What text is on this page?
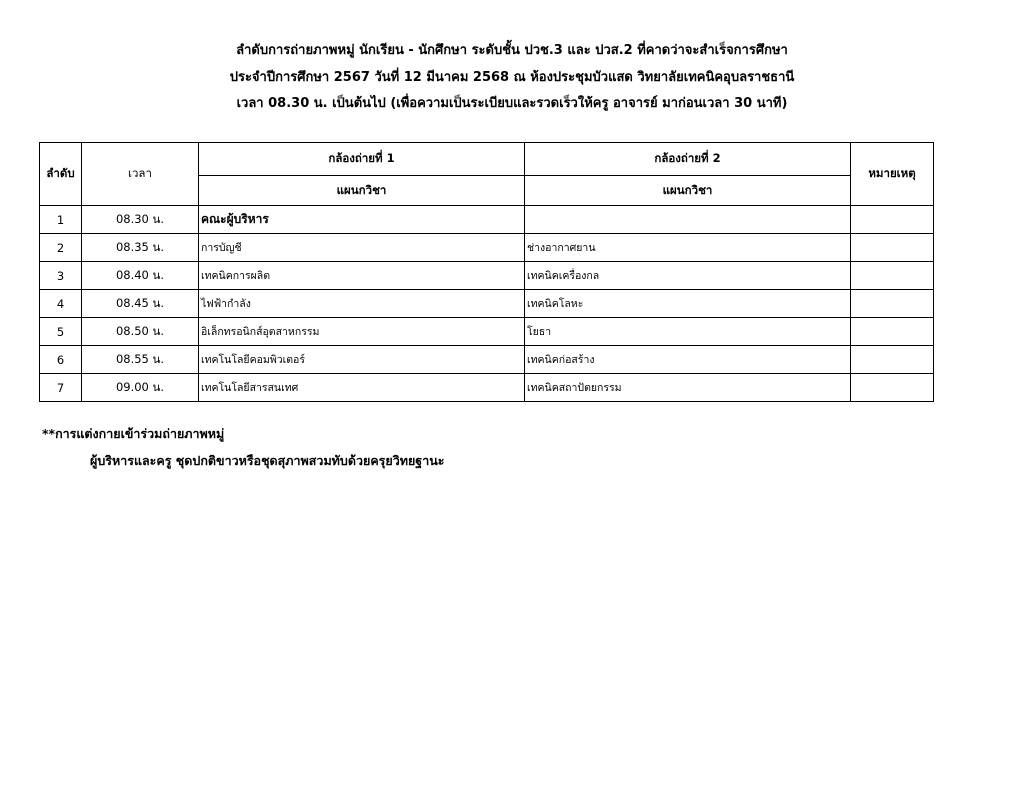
ลำดับการถ่ายภาพหมู่ นักเรียน - นักศึกษา ระดับชั้น ปวช.3 และ ปวส.2 ที่คาดว่าจะสำเร็จการศึกษา
ประจำปีการศึกษา 2567 วันที่ 12 มีนาคม 2568 ณ ห้องประชุมบัวแสด วิทยาลัยเทคนิคอุบลราชธานี
เวลา 08.30 น. เป็นต้นไป (เพื่อความเป็นระเบียบและรวดเร็วให้ครู อาจารย์ มาก่อนเวลา 30 นาที)
ลำดับ	เวลา	กล้องถ่ายที่ 1	กล้องถ่ายที่ 2	หมายเหตุ
		แผนกวิชา	แผนกวิชา	
1	08.30 น.	คณะผู้บริหาร		
2	08.35 น.	การบัญชี	ช่างอากาศยาน	
3	08.40 น.	เทคนิคการผลิต	เทคนิคเครื่องกล	
4	08.45 น.	ไฟฟ้ากำลัง	เทคนิคโลหะ	
5	08.50 น.	อิเล็กทรอนิกส์อุตสาหกรรม	โยธา	
6	08.55 น.	เทคโนโลยีคอมพิวเตอร์	เทคนิคก่อสร้าง	
7	09.00 น.	เทคโนโลยีสารสนเทศ	เทคนิคสถาปัตยกรรม	
**การแต่งกายเข้าร่วมถ่ายภาพหมู่
ผู้บริหารและครู ชุดปกติขาวหรือชุดสุภาพสวมทับด้วยครุยวิทยฐานะ
